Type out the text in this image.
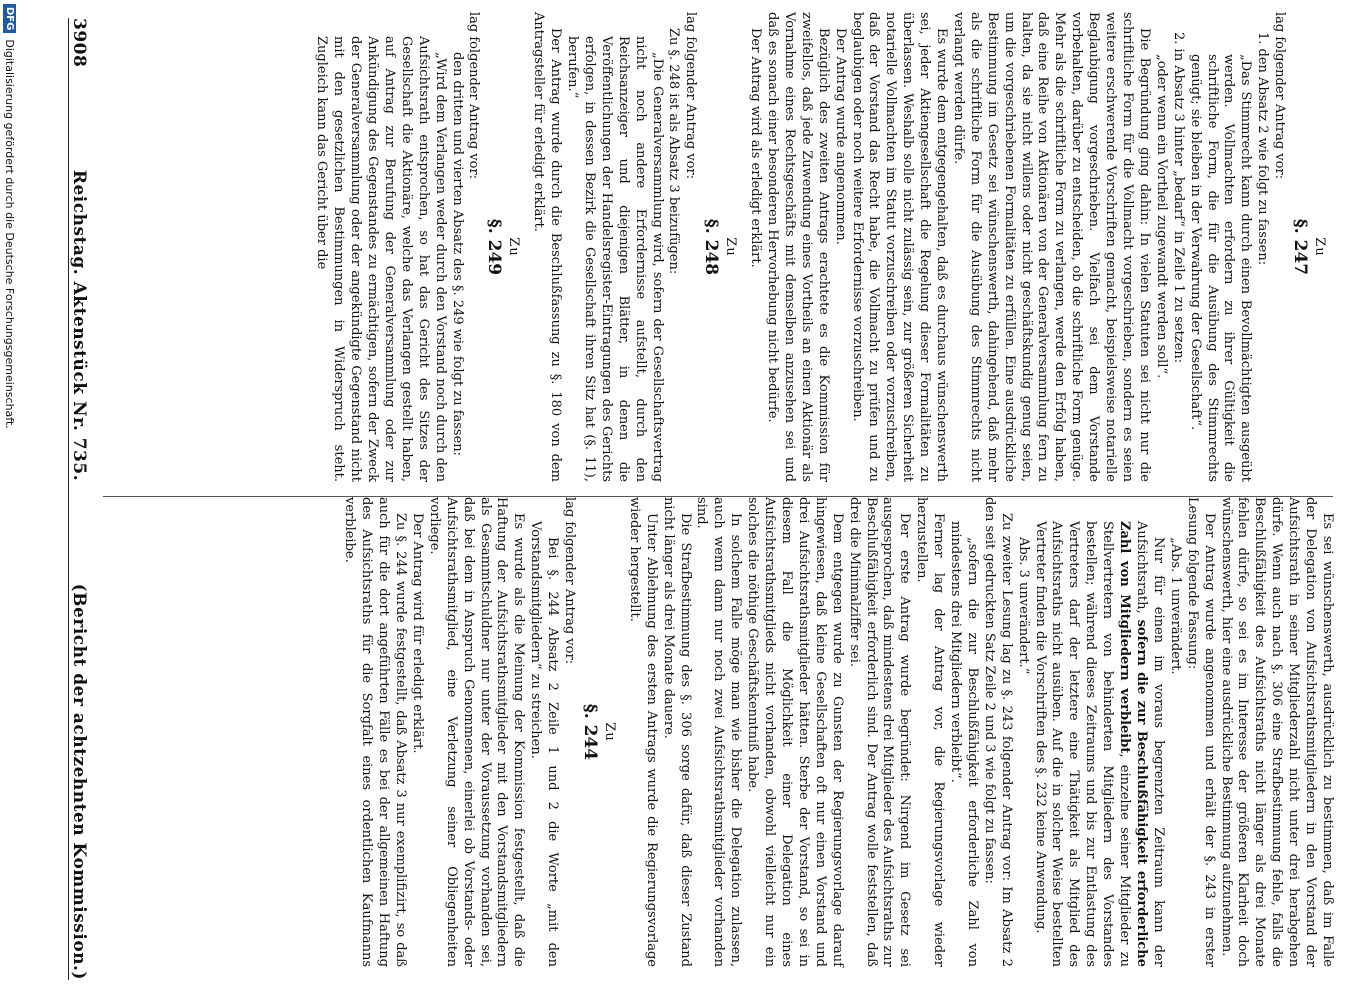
3908
Reichstag. Aktenstück Nr. 735.
(Bericht der achtzehnten Kommission.)	Es sei wünschenswerth, ausdrücklich zu bestimmen, daß im Falle der Delegation von Aufsichtsrathsmitgliedern in den Vorstand der Aufsichtsrath in seiner Mitgliederzahl nicht unter drei herabgehen dürfe. Wenn auch nach §. 306 eine Strafbestimmung fehle, falls die Beschlußfähigkeit des Aufsichtsraths nicht länger als drei Monate fehlen dürfe, so sei es im Interesse der größeren Klarheit doch wünschenswerth, hier eine ausdrückliche Bestimmung aufzunehmen.

Der Antrag wurde angenommen und erhält der §. 243 in erster Lesung folgende Fassung:

„Abs. 1 unverändert.

Nur für einen im voraus begrenzten Zeitraum kann der Aufsichtsrath, sofern die zur Beschlußfähigkeit erforderliche Zahl von Mitgliedern verbleibt, einzelne seiner Mitglieder zu Stellvertretern von behinderten Mitgliedern des Vorstandes bestellen; während dieses Zeitraums und bis zur Entlastung des Vertreters darf der letztere eine Thätigkeit als Mitglied des Aufsichtsraths nicht ausüben. Auf die in solcher Weise bestellten Vertreter finden die Vorschriften des §. 232 keine Anwendung.

Abs. 3 unverändert.“

Zu zweiter Lesung lag zu §. 243 folgender Antrag vor: Im Absatz 2 den seit gedruckten Satz Zeile 2 und 3 wie folgt zu fassen:

„sofern die zur Beschlußfähigkeit erforderliche Zahl von mindestens drei Mitgliedern verbleibt“.

Ferner lag der Antrag vor, die Regierungsvorlage wieder herzustellen.

Der erste Antrag wurde begründet: Nirgend im Gesetz sei ausgesprochen, daß mindestens drei Mitglieder des Aufsichtsraths zur Beschlußfähigkeit erforderlich sind. Der Antrag wolle feststellen, daß drei die Minimalziffer sei.

Dem entgegen wurde zu Gunsten der Regierungsvorlage darauf hingewiesen, daß kleine Gesellschaften oft nur einen Vorstand und drei Aufsichtsrathsmitglieder hätten. Sterbe der Vorstand, so sei in diesem Fall die Möglichkeit einer Delegation eines Aufsichtsrathsmitglieds nicht vorhanden, obwohl vielleicht nur ein solches die nöthige Geschäftskenntniß habe.

In solchem Falle möge man wie bisher die Delegation zulassen, auch wenn dann nur noch zwei Aufsichtsrathsmitglieder vorhanden sind.

Die Strafbestimmung des §. 306 sorge dafür, daß dieser Zustand nicht länger als drei Monate dauere.

Unter Ablehnung des ersten Antrags wurde die Regierungsvorlage wieder hergestellt.

Zu

§. 244

lag folgender Antrag vor:

Bei §. 244 Absatz 2 Zeile 1 und 2 die Worte „mit den Vorstandsmitgliedern“ zu streichen.

Es wurde als die Meinung der Kommission festgestellt, daß die Haftung der Aufsichtsrathsmitglieder mit den Vorstandsmitgliedern als Gesammtschuldner nur unter der Voraussetzung vorhanden sei, daß bei dem in Anspruch Genommenen, einerlei ob Vorstands- oder Aufsichtsrathsmitglied, eine Verletzung seiner Obliegenheiten vorliege.

Der Antrag wird für erledigt erklärt.

Zu §. 244 wurde festgestellt, daß Absatz 3 nur exemplifizirt, so daß auch für die dort angeführten Fälle es bei der allgemeinen Haftung des Aufsichtsraths für die Sorgfalt eines ordentlichen Kaufmanns verbleibe.

Zu

§. 247

lag folgender Antrag vor:

1. den Absatz 2 wie folgt zu fassen:

„Das Stimmrecht kann durch einen Bevollmächtigten ausgeübt werden. Vollmachten erfordern zu ihrer Gültigkeit die schriftliche Form, die für die Ausübung des Stimmrechts genügt; sie bleiben in der Verwahrung der Gesellschaft“.

2. in Absatz 3 hinter „bedarf“ in Zeile 1 zu setzen:

„oder wenn ein Vortheil zugewandt werden soll“.

Die Begründung ging dahin: In vielen Statuten sei nicht nur die schriftliche Form für die Vollmacht vorgeschrieben, sondern es seien weitere erschwerende Vorschriften gemacht, beispielsweise notarielle Beglaubigung vorgeschrieben. Vielfach sei dem Vorstande vorbehalten, darüber zu entscheiden, ob die schriftliche Form genüge. Mehr als die schriftliche Form zu verlangen, werde den Erfolg haben, daß eine Reihe von Aktionären von der Generalversammlung fern zu halten, da sie nicht willens oder nicht geschäftskundig genug seien, um die vorgeschriebenen Formalitäten zu erfüllen. Eine ausdrückliche Bestimmung im Gesetz sei wünschenswerth, dahingehend, daß mehr als die schriftliche Form für die Ausübung des Stimmrechts nicht verlangt werden dürfe.

Es wurde dem entgegengehalten, daß es durchaus wünschenswerth sei, jeder Aktiengesellschaft die Regelung dieser Formalitäten zu überlassen. Weshalb solle nicht zulässig sein, zur größeren Sicherheit notarielle Vollmachten im Statut vorzuschreiben oder vorzuschreiben, daß der Vorstand das Recht habe, die Vollmacht zu prüfen und zu beglaubigen oder noch weitere Erfordernisse vorzuschreiben.

Der Antrag wurde angenommen.

Bezüglich des zweiten Antrags erachtete es die Kommission für zweifellos, daß jede Zuwendung eines Vortheils an einen Aktionär als Vornahme eines Rechtsgeschäfts mit demselben anzusehen sei und daß es sonach einer besonderen Hervorhebung nicht bedürfe.

Der Antrag wird als erledigt erklärt.

Zu

§. 248

lag folgender Antrag vor:

Zu §. 248 ist als Absatz 3 beizufügen:

„Die Generalversammlung wird, sofern der Gesellschaftsvertrag nicht noch andere Erfordernisse aufstellt, durch den Reichsanzeiger und diejenigen Blätter, in denen die Veröffentlichungen der Handelsregister-Eintragungen des Gerichts erfolgen, in dessen Bezirk die Gesellschaft ihren Sitz hat (§. 11), berufen.“

Der Antrag wurde durch die Beschlußfassung zu §. 180 von dem Antragsteller für erledigt erklärt.

Zu

§. 249

lag folgender Antrag vor:

den dritten und vierten Absatz des §. 249 wie folgt zu fassen:

„Wird dem Verlangen weder durch den Vorstand noch durch den Aufsichtsrath entsprochen, so hat das Gericht des Sitzes der Gesellschaft die Aktionäre, welche das Verlangen gestellt haben, auf Antrag zur Berufung der Generalversammlung oder zur Ankündigung des Gegenstandes zu ermächtigen, sofern der Zweck der Generalversammlung oder der angekündigte Gegenstand nicht mit den gesetzlichen Bestimmungen in Widerspruch steht. Zugleich kann das Gericht über die

DFG
Digitalisierung gefördert durch die Deutsche Forschungsgemeinschaft.
